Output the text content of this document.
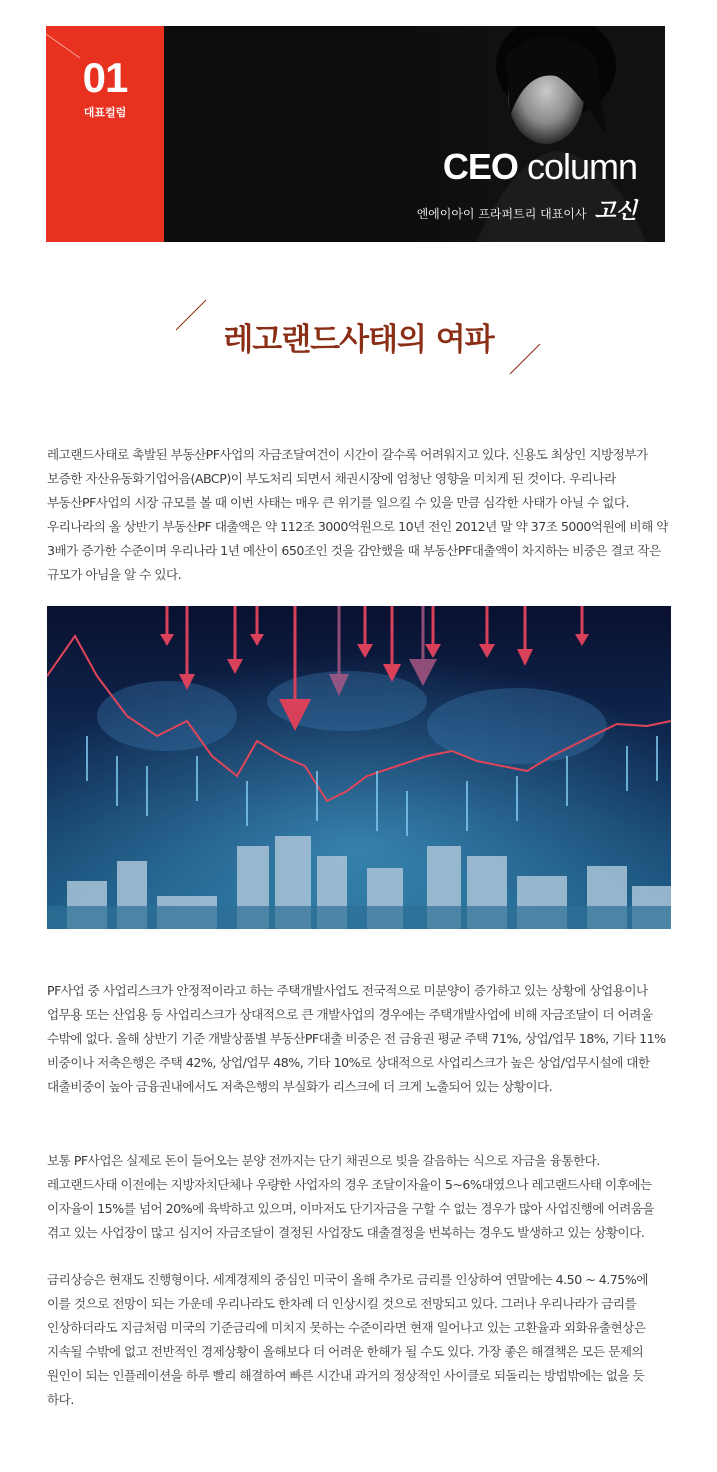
01
대표컬럼
CEO column
엔에이아이 프라퍼트리 대표이사 고신
레고랜드사태의 여파

레고랜드사태로 촉발된 부동산PF사업의 자금조달여건이 시간이 갈수록 어려워지고 있다. 신용도 최상인 지방정부가 보증한 자산유동화기업어음(ABCP)이 부도처리 되면서 채권시장에 엄청난 영향을 미치게 된 것이다. 우리나라 부동산PF사업의 시장 규모를 볼 때 이번 사태는 매우 큰 위기를 일으킬 수 있을 만큼 심각한 사태가 아닐 수 없다. 우리나라의 올 상반기 부동산PF 대출액은 약 112조 3000억원으로 10년 전인 2012년 말 약 37조 5000억원에 비해 약 3배가 증가한 수준이며 우리나라 1년 예산이 650조인 것을 감안했을 때 부동산PF대출액이 차지하는 비중은 결코 작은 규모가 아님을 알 수 있다.

PF사업 중 사업리스크가 안정적이라고 하는 주택개발사업도 전국적으로 미분양이 증가하고 있는 상황에 상업용이나 업무용 또는 산업용 등 사업리스크가 상대적으로 큰 개발사업의 경우에는 주택개발사업에 비해 자금조달이 더 어려울 수밖에 없다. 올해 상반기 기준 개발상품별 부동산PF대출 비중은 전 금융권 평균 주택 71%, 상업/업무 18%, 기타 11% 비중이나 저축은행은 주택 42%, 상업/업무 48%, 기타 10%로 상대적으로 사업리스크가 높은 상업/업무시설에 대한 대출비중이 높아 금융권내에서도 저축은행의 부실화가 리스크에 더 크게 노출되어 있는 상황이다.

보통 PF사업은 실제로 돈이 들어오는 분양 전까지는 단기 채권으로 빚을 갈음하는 식으로 자금을 융통한다. 레고랜드사태 이전에는 지방자치단체나 우량한 사업자의 경우 조달이자율이 5~6%대였으나 레고랜드사태 이후에는 이자율이 15%를 넘어 20%에 육박하고 있으며, 이마저도 단기자금을 구할 수 없는 경우가 많아 사업진행에 어려움을 겪고 있는 사업장이 많고 심지어 자금조달이 결정된 사업장도 대출결정을 번복하는 경우도 발생하고 있는 상황이다.

금리상승은 현재도 진행형이다. 세계경제의 중심인 미국이 올해 추가로 금리를 인상하여 연말에는 4.50 ~ 4.75%에 이를 것으로 전망이 되는 가운데 우리나라도 한차례 더 인상시킬 것으로 전망되고 있다. 그러나 우리나라가 금리를 인상하더라도 지금처럼 미국의 기준금리에 미치지 못하는 수준이라면 현재 일어나고 있는 고환율과 외화유출현상은 지속될 수밖에 없고 전반적인 경제상황이 올해보다 더 어려운 한해가 될 수도 있다. 가장 좋은 해결책은 모든 문제의 원인이 되는 인플레이션을 하루 빨리 해결하여 빠른 시간내 과거의 정상적인 사이클로 되돌리는 방법밖에는 없을 듯 하다.
